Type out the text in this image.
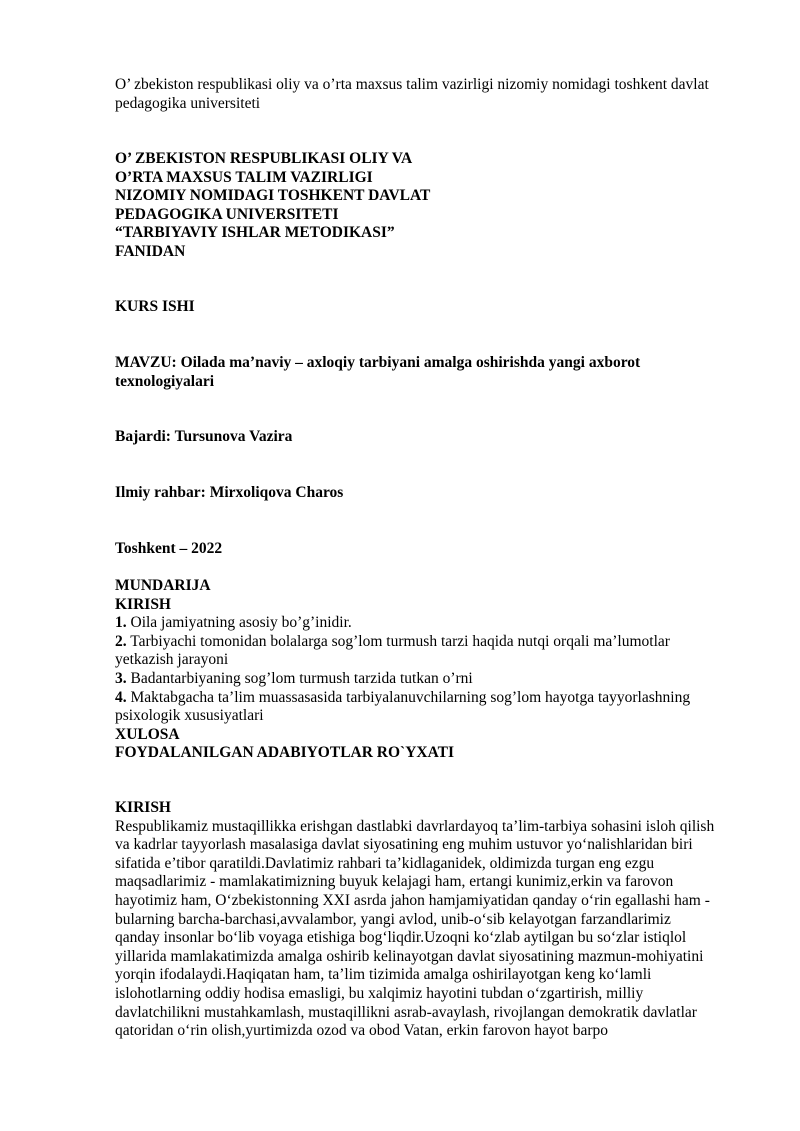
O’ zbekiston respublikasi oliy va o’rta maxsus talim vazirligi nizomiy nomidagi toshkent davlat
pedagogika universiteti
O’ ZBEKISTON RESPUBLIKASI OLIY VA
O’RTA MAXSUS TALIM VAZIRLIGI
NIZOMIY NOMIDAGI TOSHKENT DAVLAT
PEDAGOGIKA UNIVERSITETI
“TARBIYAVIY ISHLAR METODIKASI”
FANIDAN
KURS ISHI
MAVZU: Oilada ma’naviy – axloqiy tarbiyani amalga oshirishda yangi axborot
texnologiyalari
Bajardi: Tursunova Vazira
Ilmiy rahbar: Mirxoliqova Charos
Toshkent – 2022
MUNDARIJA
KIRISH
1. Oila jamiyatning asosiy bo’g’inidir.
2. Tarbiyachi tomonidan bolalarga sog’lom turmush tarzi haqida nutqi orqali ma’lumotlar
yetkazish jarayoni
3. Badantarbiyaning sog’lom turmush tarzida tutkan o’rni
4. Maktabgacha ta’lim muassasasida tarbiyalanuvchilarning sog’lom hayotga tayyorlashning
psixologik xususiyatlari
XULOSA
FOYDALANILGAN ADABIYOTLAR RO`YXATI
KIRISH
Respublikamiz mustaqillikka erishgan dastlabki davrlardayoq ta’lim-tarbiya sohasini isloh qilish
va kadrlar tayyorlash masalasiga davlat siyosatining eng muhim ustuvor yo‘nalishlaridan biri
sifatida e’tibor qaratildi.Davlatimiz rahbari ta’kidlaganidek, oldimizda turgan eng ezgu
maqsadlarimiz - mamlakatimizning buyuk kelajagi ham, ertangi kunimiz,erkin va farovon
hayotimiz ham, O‘zbekistonning XXI asrda jahon hamjamiyatidan qanday o‘rin egallashi ham -
bularning barcha-barchasi,avvalambor, yangi avlod, unib-o‘sib kelayotgan farzandlarimiz
qanday insonlar bo‘lib voyaga etishiga bog‘liqdir.Uzoqni ko‘zlab aytilgan bu so‘zlar istiqlol
yillarida mamlakatimizda amalga oshirib kelinayotgan davlat siyosatining mazmun-mohiyatini
yorqin ifodalaydi.Haqiqatan ham, ta’lim tizimida amalga oshirilayotgan keng ko‘lamli
islohotlarning oddiy hodisa emasligi, bu xalqimiz hayotini tubdan o‘zgartirish, milliy
davlatchilikni mustahkamlash, mustaqillikni asrab-avaylash, rivojlangan demokratik davlatlar
qatoridan o‘rin olish,yurtimizda ozod va obod Vatan, erkin farovon hayot barpo
